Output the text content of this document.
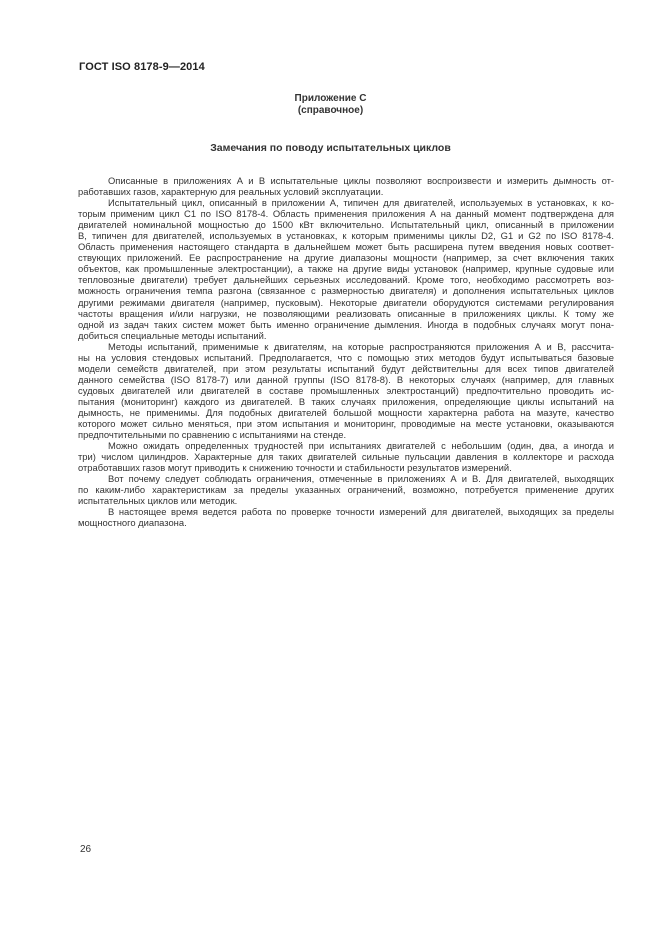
ГОСТ ISO 8178-9—2014
Приложение С
(справочное)
Замечания по поводу испытательных циклов
Описанные в приложениях А и В испытательные циклы позволяют воспроизвести и измерить дымность от-
работавших газов, характерную для реальных условий эксплуатации.
Испытательный цикл, описанный в приложении А, типичен для двигателей, используемых в установках, к ко-
торым применим цикл С1 по ISO 8178-4. Область применения приложения А на данный момент подтверждена для
двигателей номинальной мощностью до 1500 кВт включительно. Испытательный цикл, описанный в приложении
В, типичен для двигателей, используемых в установках, к которым применимы циклы D2, G1 и G2 по ISO 8178-4.
Область применения настоящего стандарта в дальнейшем может быть расширена путем введения новых соответ-
ствующих приложений. Ее распространение на другие диапазоны мощности (например, за счет включения таких
объектов, как промышленные электростанции), а также на другие виды установок (например, крупные судовые или
тепловозные двигатели) требует дальнейших серьезных исследований. Кроме того, необходимо рассмотреть воз-
можность ограничения темпа разгона (связанное с размерностью двигателя) и дополнения испытательных циклов
другими режимами двигателя (например, пусковым). Некоторые двигатели оборудуются системами регулирования
частоты вращения и/или нагрузки, не позволяющими реализовать описанные в приложениях циклы. К тому же
одной из задач таких систем может быть именно ограничение дымления. Иногда в подобных случаях могут пона-
добиться специальные методы испытаний.
Методы испытаний, применимые к двигателям, на которые распространяются приложения А и В, рассчита-
ны на условия стендовых испытаний. Предполагается, что с помощью этих методов будут испытываться базовые
модели семейств двигателей, при этом результаты испытаний будут действительны для всех типов двигателей
данного семейства (ISO 8178-7) или данной группы (ISO 8178-8). В некоторых случаях (например, для главных
судовых двигателей или двигателей в составе промышленных электростанций) предпочтительно проводить ис-
пытания (мониторинг) каждого из двигателей. В таких случаях приложения, определяющие циклы испытаний на
дымность, не применимы. Для подобных двигателей большой мощности характерна работа на мазуте, качество
которого может сильно меняться, при этом испытания и мониторинг, проводимые на месте установки, оказываются
предпочтительными по сравнению с испытаниями на стенде.
Можно ожидать определенных трудностей при испытаниях двигателей с небольшим (один, два, а иногда и
три) числом цилиндров. Характерные для таких двигателей сильные пульсации давления в коллекторе и расхода
отработавших газов могут приводить к снижению точности и стабильности результатов измерений.
Вот почему следует соблюдать ограничения, отмеченные в приложениях А и В. Для двигателей, выходящих
по каким-либо характеристикам за пределы указанных ограничений, возможно, потребуется применение других
испытательных циклов или методик.
В настоящее время ведется работа по проверке точности измерений для двигателей, выходящих за пределы
мощностного диапазона.
26
